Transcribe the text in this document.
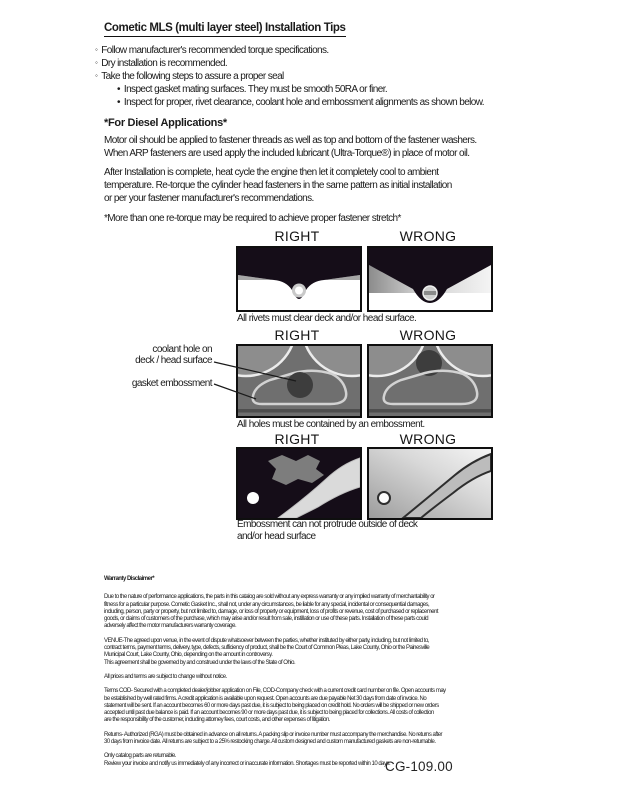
Cometic MLS (multi layer steel) Installation Tips
◦ Follow manufacturer's recommended torque specifications.
◦ Dry installation is recommended.
◦ Take the following steps to assure a proper seal
• Inspect gasket mating surfaces. They must be smooth 50RA or finer.
• Inspect for proper, rivet clearance, coolant hole and embossment alignments as shown below.
*For Diesel Applications*
Motor oil should be applied to fastener threads as well as top and bottom of the fastener washers.
When ARP fasteners are used apply the included lubricant (Ultra-Torque®) in place of motor oil.
After Installation is complete, heat cycle the engine then let it completely cool to ambient
temperature. Re-torque the cylinder head fasteners in the same pattern as initial installation
or per your fastener manufacturer's recommendations.
*More than one re-torque may be required to achieve proper fastener stretch*
RIGHT	WRONG
All rivets must clear deck and/or head surface.
RIGHT	WRONG
coolant hole on
deck / head surface
gasket embossment
All holes must be contained by an embossment.
RIGHT	WRONG
Embossment can not protrude outside of deck
and/or head surface
Warranty Disclaimer*
Due to the nature of performance applications, the parts in this catalog are sold without any express warranty or any implied warranty of merchantability or
fitness for a particular purpose. Cometic Gasket Inc., shall not, under any circumstances, be liable for any special, incidental or consequential damages,
including, person, party or property, but not limited to, damage, or loss of property or equipment, loss of profits or revenue, cost of purchased or replacement
goods, or claims of customers of the purchase, which may arise and/or result from sale, instillation or use of these parts. Installation of these parts could
adversely affect the motor manufacturers warranty coverage.
VENUE-The agreed upon venue, in the event of dispute whatsoever between the parties, whether instituted by either party, including, but not limited to,
contract terms, payment terms, delivery, type, defects, sufficiency of product, shall be the Court of Common Pleas, Lake County, Ohio or the Painesville
Municipal Court, Lake County, Ohio, depending on the amount in controversy.
This agreement shall be governed by and construed under the laws of the State of Ohio.
All prices and terms are subject to change without notice.
Terms COD- Secured with a completed dealer/jobber application on File, COD-Company check with a current credit card number on file. Open accounts may
be established by well rated firms. A credit application is available upon request. Open accounts are due payable Net 30 days from date of invoice. No
statement will be sent. If an account becomes 60 or more days past due, it is subject to being placed on credit hold. No orders will be shipped or new orders
accepted until past due balance is paid. If an account becomes 90 or more days past due, it is subject to being placed for collections. All costs of collection
are the responsibility of the customer, including attorney fees, court costs, and other expenses of litigation.
Returns- Authorized (RGA) must be obtained in advance on all returns. A packing slip or invoice number must accompany the merchandise. No returns after
30 days from invoice date. All returns are subject to a 25% restocking charge. All custom designed and custom manufactured gaskets are non-returnable.
Only catalog parts are returnable.
Review your invoice and notify us immediately of any incorrect or inaccurate information. Shortages must be reported within 10 days.
CG-109.00
